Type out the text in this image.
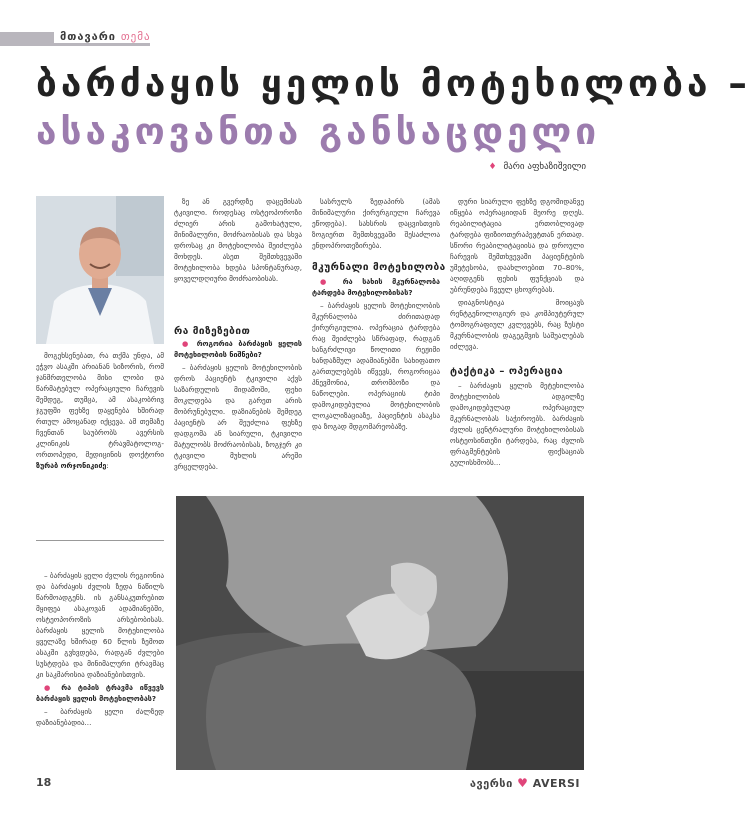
მთავარი თემა
ბარძაყის ყელის მოტეხილობა –
ასაკოვანთა განსაცდელი
♦ მარი აფხაზიშვილი

მოგეხსენებათ, რა თქმა უნდა, ამ ეჭვო ასაკში არიანან სიზორის, რომ ჯანმრთელობა მისი ლობი და წარმატებულ ოპერაციული ჩარევის შემდეგ, თუმცა, ამ ასაკობრივ ჯგუფში ფეხზე დაყენება ხშირად რთულ ამოცანად იქცევა. ამ თემაზე ჩვენთან საუბრობს ავერსის კლინიკის ტრავმატოლოგ-ორთოპედი, მედიცინის დოქტორი ზურაბ ორჯონიკიძე:

– ბარძაყის ყელი ძვლის რეგიონია და ბარძაყის ძვლის ზედა ნაწილს წარმოადგენს. ის განსაკუთრებით მყიფეა ასაკოვან ადამიანებში, ოსტეოპოროზის არსებობისას. ბარძაყის ყელის მოტეხილობა ყველაზე ხშირად 60 წლის ზემოთ ასაკში გვხვდება, რადგან ძვლები სუსტდება და მინიმალური ტრავმაც კი საკმარისია დაზიანებისთვის.

● რა ტიპის ტრავმა იწვევს ბარძაყის ყელის მოტეხილობას?

– ბარძაყის ყელი ძალზედ დაზიანებადია...

ზე ან გვერდზე დაცემისას ტკივილი. როდესაც ოსტეოპოროზი ძლიერ არის გამოხატული, მინიმალური, მოძრაობისას და სხვა დროსაც კი მოტეხილობა შეიძლება მოხდეს. ასეთ შემთხვევაში მოტეხილობა ხდება სპონტანურად, ყოველდღიური მოძრაობისას.

რა მიზეზებით

● როგორია ბარძაყის ყელის მოტეხილობის ნიშნები?

– ბარძაყის ყელის მოტეხილობის დროს პაციენტს ტკივილი აქვს საზარდულის მიდამოში, ფეხი მოკლდება და გარეთ არის მობრუნებული. დაზიანების შემდეგ პაციენტს არ შეუძლია ფეხზე დადგომა ან სიარული, ტკივილი მატულობს მოძრაობისას, ზოგჯერ კი ტკივილი მუხლის არეში ვრცელდება.

სასრულს ზედაპირს (ამას მინიმალური ქირურგიული ჩარევა ეწოდება). სახსრის დაცვისთვის ზოგიერთ შემთხვევაში შესაძლოა ენდოპროთეზირება.

მკურნალი მოტეხილობა

● რა სახის მკურნალობა ტარდება მოტეხილობისას?

– ბარძაყის ყელის მოტეხილობის მკურნალობა ძირითადად ქირურგიულია. ოპერაცია ტარდება რაც შეიძლება სწრაფად, რადგან ხანგრძლივი წოლითი რეჟიმი ხანდაზმულ ადამიანებში სახიფათო გართულებებს იწვევს, როგორიცაა პნევმონია, თრომბოზი და ნაწოლები. ოპერაციის ტიპი დამოკიდებულია მოტეხილობის ლოკალიზაციაზე, პაციენტის ასაკსა და ზოგად მდგომარეობაზე.

დური სიარული ფეხზე დგომიდანვე იწყება ოპერაციიდან მეორე დღეს. რეაბილიტაცია ერთობლივად ტარდება ფიზიოთერაპევტთან ერთად. სწორი რეაბილიტაციისა და დროული ჩარევის შემთხვევაში პაციენტების უმეტესობა, დაახლოებით 70–80%, აღიდგენს ფეხის ფუნქციას და უბრუნდება ჩვეულ ცხოვრებას.

დიაგნოსტიკა მოიცავს რენტგენოლოგიურ და კომპიუტერულ ტომოგრაფიულ კვლევებს, რაც ზუსტი მკურნალობის დაგეგმვის საშუალებას იძლევა.

ტაქტიკა – ოპერაცია

– ბარძაყის ყელის მეტეხილობა მოტეხილობის ადგილზე დამოკიდებულად ოპერაციულ მკურნალობას საჭიროებს. ბარძაყის ძვლის ცენტრალური მოტეხილობისას ოსტეოსინთეზი ტარდება, რაც ძვლის ფრაგმენტების ფიქსაციას გულისხმობს...

18	ავერსი ♥ AVERSI
